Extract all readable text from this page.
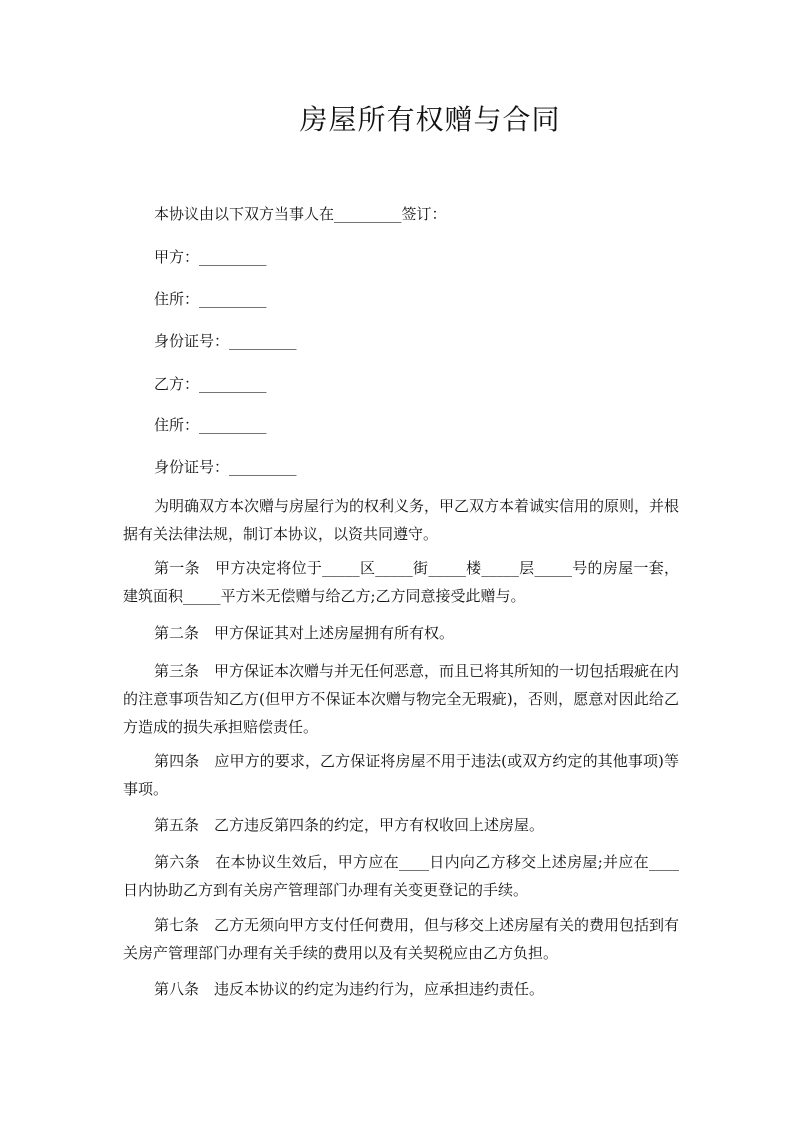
房屋所有权赠与合同
本协议由以下双方当事人在_________签订：
甲方：_________
住所：_________
身份证号：_________
乙方：_________
住所：_________
身份证号：_________
为明确双方本次赠与房屋行为的权利义务，甲乙双方本着诚实信用的原则，并根据有关法律法规，制订本协议，以资共同遵守。
第一条　甲方决定将位于_____区_____街_____楼_____层_____号的房屋一套，建筑面积_____平方米无偿赠与给乙方;乙方同意接受此赠与。
第二条　甲方保证其对上述房屋拥有所有权。
第三条　甲方保证本次赠与并无任何恶意，而且已将其所知的一切包括瑕疵在内的注意事项告知乙方(但甲方不保证本次赠与物完全无瑕疵)，否则，愿意对因此给乙方造成的损失承担赔偿责任。
第四条　应甲方的要求，乙方保证将房屋不用于违法(或双方约定的其他事项)等事项。
第五条　乙方违反第四条的约定，甲方有权收回上述房屋。
第六条　在本协议生效后，甲方应在____日内向乙方移交上述房屋;并应在____日内协助乙方到有关房产管理部门办理有关变更登记的手续。
第七条　乙方无须向甲方支付任何费用，但与移交上述房屋有关的费用包括到有关房产管理部门办理有关手续的费用以及有关契税应由乙方负担。
第八条　违反本协议的约定为违约行为，应承担违约责任。
